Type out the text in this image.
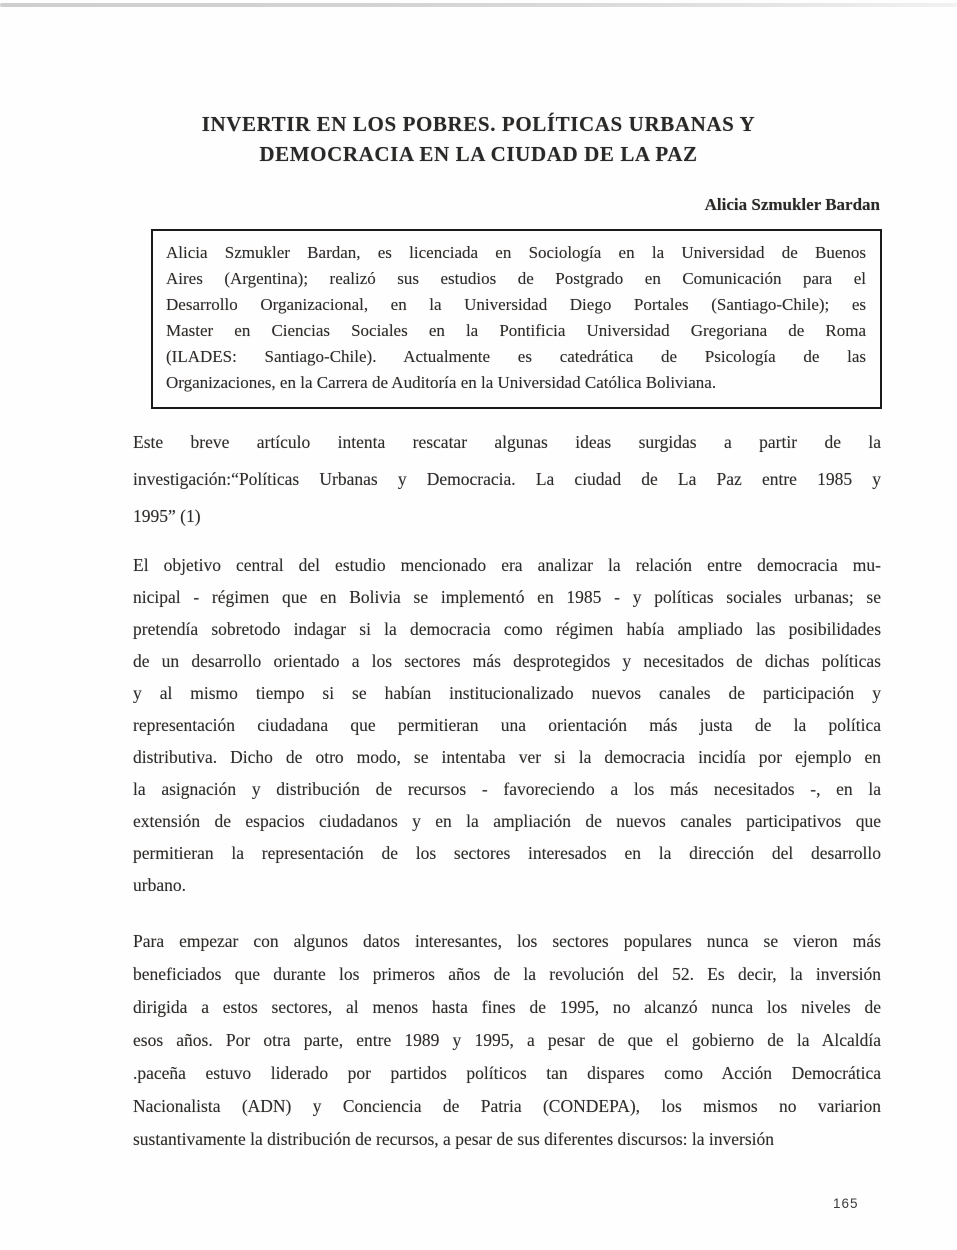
INVERTIR EN LOS POBRES. POLÍTICAS URBANAS Y
DEMOCRACIA EN LA CIUDAD DE LA PAZ
Alicia Szmukler Bardan
Alicia Szmukler Bardan, es licenciada en Sociología en la Universidad de Buenos
Aires (Argentina); realizó sus estudios de Postgrado en Comunicación para el
Desarrollo Organizacional, en la Universidad Diego Portales (Santiago-Chile); es
Master en Ciencias Sociales en la Pontificia Universidad Gregoriana de Roma
(ILADES: Santiago-Chile). Actualmente es catedrática de Psicología de las
Organizaciones, en la Carrera de Auditoría en la Universidad Católica Boliviana.
Este breve artículo intenta rescatar algunas ideas surgidas a partir de la
investigación:“Políticas Urbanas y Democracia. La ciudad de La Paz entre 1985 y
1995” (1)
El objetivo central del estudio mencionado era analizar la relación entre democracia mu-
nicipal - régimen que en Bolivia se implementó en 1985 - y políticas sociales urbanas; se
pretendía sobretodo indagar si la democracia como régimen había ampliado las posibilidades
de un desarrollo orientado a los sectores más desprotegidos y necesitados de dichas políticas
y al mismo tiempo si se habían institucionalizado nuevos canales de participación y
representación ciudadana que permitieran una orientación más justa de la política
distributiva. Dicho de otro modo, se intentaba ver si la democracia incidía por ejemplo en
la asignación y distribución de recursos - favoreciendo a los más necesitados -, en la
extensión de espacios ciudadanos y en la ampliación de nuevos canales participativos que
permitieran la representación de los sectores interesados en la dirección del desarrollo
urbano.
Para empezar con algunos datos interesantes, los sectores populares nunca se vieron más
beneficiados que durante los primeros años de la revolución del 52. Es decir, la inversión
dirigida a estos sectores, al menos hasta fines de 1995, no alcanzó nunca los niveles de
esos años. Por otra parte, entre 1989 y 1995, a pesar de que el gobierno de la Alcaldía
.paceña estuvo liderado por partidos políticos tan dispares como Acción Democrática
Nacionalista (ADN) y Conciencia de Patria (CONDEPA), los mismos no variarion
sustantivamente la distribución de recursos, a pesar de sus diferentes discursos: la inversión
165
